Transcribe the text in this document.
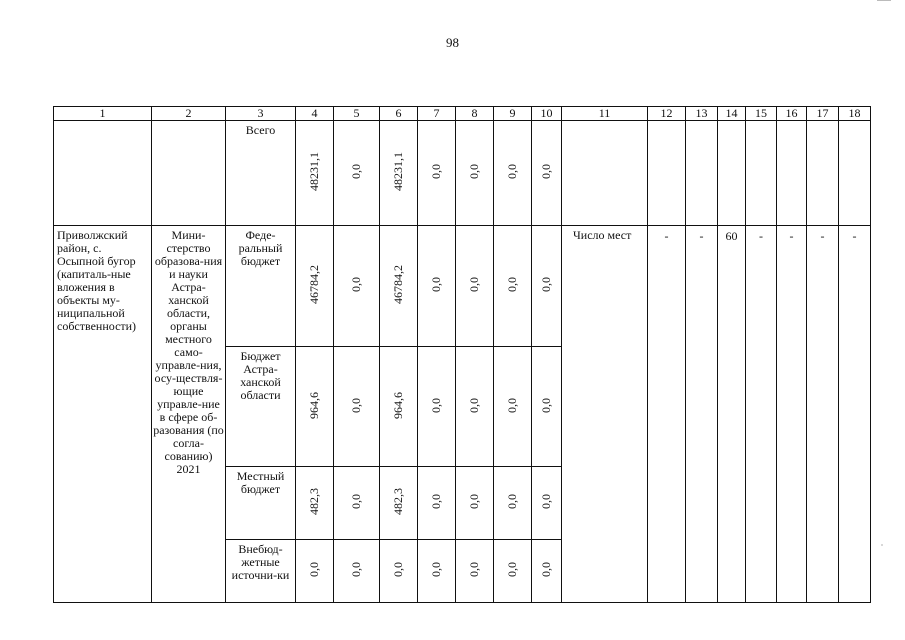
98
1	2	3	4	5	6	7	8	9	10	11	12	13	14	15	16	17	18
		Всего	48231,1	0,0	48231,1	0,0	0,0	0,0	0,0								
Приволжский район, с. Осыпной бугор (капиталь-ные вложения в объекты му-ниципальной собственности)	Мини-стерство образова-ния и науки Астра-ханской области, органы местного само-управле-ния, осу-ществля-ющие управле-ние в сфере об-разования (по согла-сованию) 2021	Феде-ральный бюджет	46784,2	0,0	46784,2	0,0	0,0	0,0	0,0	Число мест	-	-	60	-	-	-	-
		Бюджет Астра-ханской области	964,6	0,0	964,6	0,0	0,0	0,0	0,0								
		Местный бюджет	482,3	0,0	482,3	0,0	0,0	0,0	0,0								
		Внебюд-жетные источни-ки	0,0	0,0	0,0	0,0	0,0	0,0	0,0								
